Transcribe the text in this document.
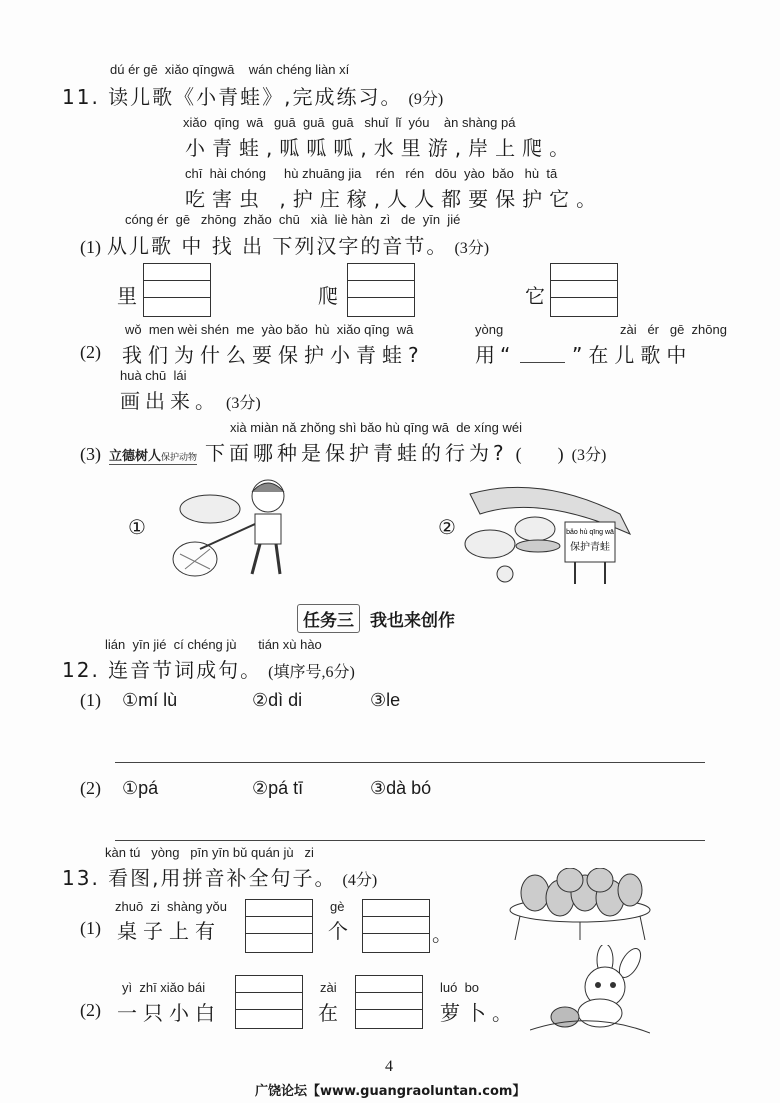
dú ér gē  xiǎo qīngwā    wán chéng liàn xí
11. 读儿歌《小青蛙》,完成练习。 (9分)
xiǎo  qīng  wā   guā  guā  guā   shuǐ  lǐ  yóu    àn shàng pá
小青蛙,呱呱呱,水里游,岸上爬。
chī  hài chóng     hù zhuāng jia    rén   rén   dōu  yào  bǎo   hù  tā
吃害虫 ,护庄稼,人人都要保护它。
cóng ér  gē   zhōng  zhǎo  chū   xià  liè hàn  zì   de  yīn  jié
(1) 从儿歌 中 找 出 下列汉字的音节。 (3分)
里	爬	它
wǒ  men wèi shén  me  yào bǎo  hù  xiǎo qīng  wā	yòng	zài   ér   gē  zhōng
(2) 我们为什么要保护小青蛙?	用“	”在儿歌中
huà chū  lái
画出来。 (3分)
xià miàn nǎ zhǒng shì bǎo hù qīng wā  de xíng wéi
(3) 立德树人保护动物 下面哪种是保护青蛙的行为? (        ) (3分)
①	②	bǎo hù qīng wā
保护青蛙
任务三 我也来创作
lián  yīn jié  cí chéng jù      tián xù hào
12. 连音节词成句。 (填序号,6分)
(1) ①mí lù	②dì di	③le
(2) ①pá	②pá tī	③dà bó
kàn tú   yòng   pīn yīn bǔ quán jù   zi
13. 看图,用拼音补全句子。 (4分)
zhuō  zi  shàng yǒu
(1) 桌子上有
gè
个	。
yì  zhī xiǎo bái
(2) 一只小白
zài
在
luó  bo
萝卜。
4
广饶论坛【www.guangraoluntan.com】
